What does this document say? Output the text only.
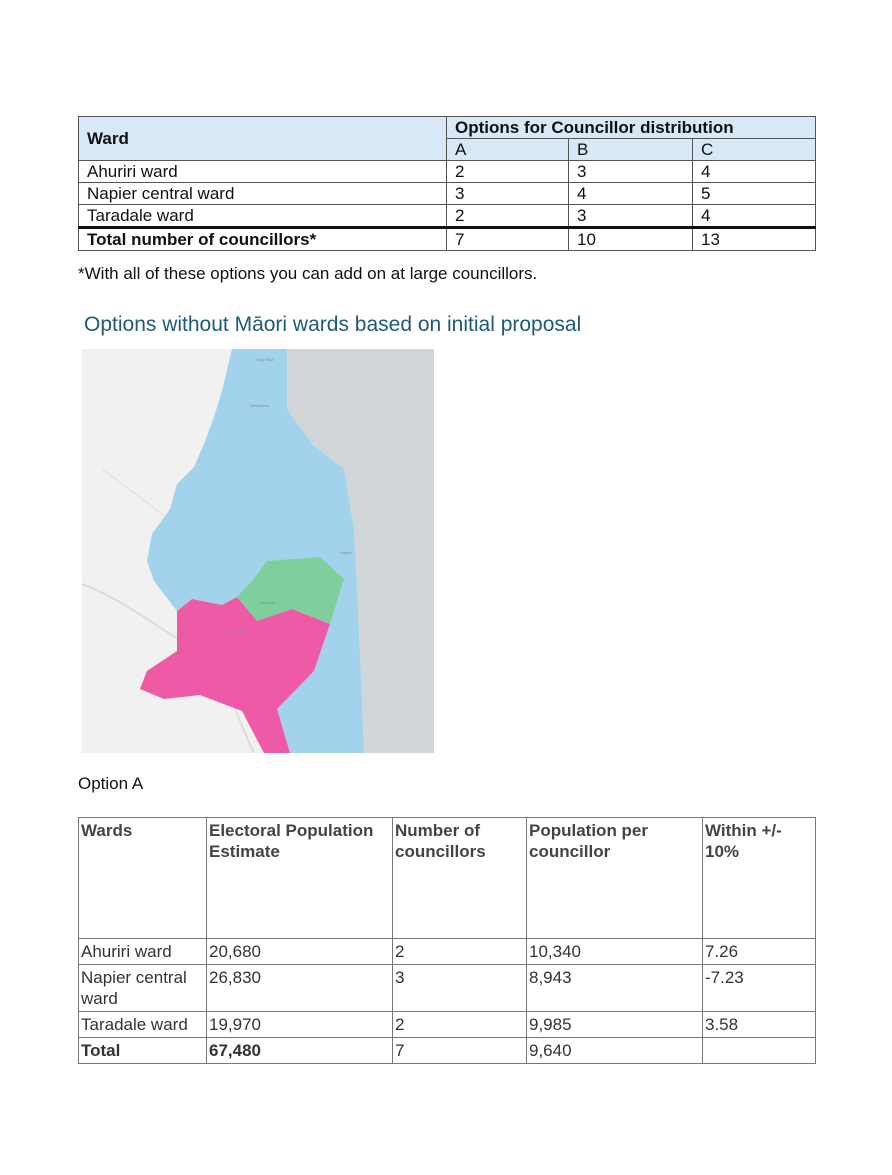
Ward	Options for Councillor distribution		
	A	B	C
Ahuriri ward	2	3	4
Napier central ward	3	4	5
Taradale ward	2	3	4
Total number of councillors*	7	10	13
*With all of these options you can add on at large councillors.
Options without Māori wards based on initial proposal
Bay View
Westshore
Napier
Taradale
Greenmeadows
Option A
Wards	Electoral Population Estimate	Number of councillors	Population per councillor	Within +/- 10%
Ahuriri ward	20,680	2	10,340	7.26
Napier central ward	26,830	3	8,943	-7.23
Taradale ward	19,970	2	9,985	3.58
Total	67,480	7	9,640	
